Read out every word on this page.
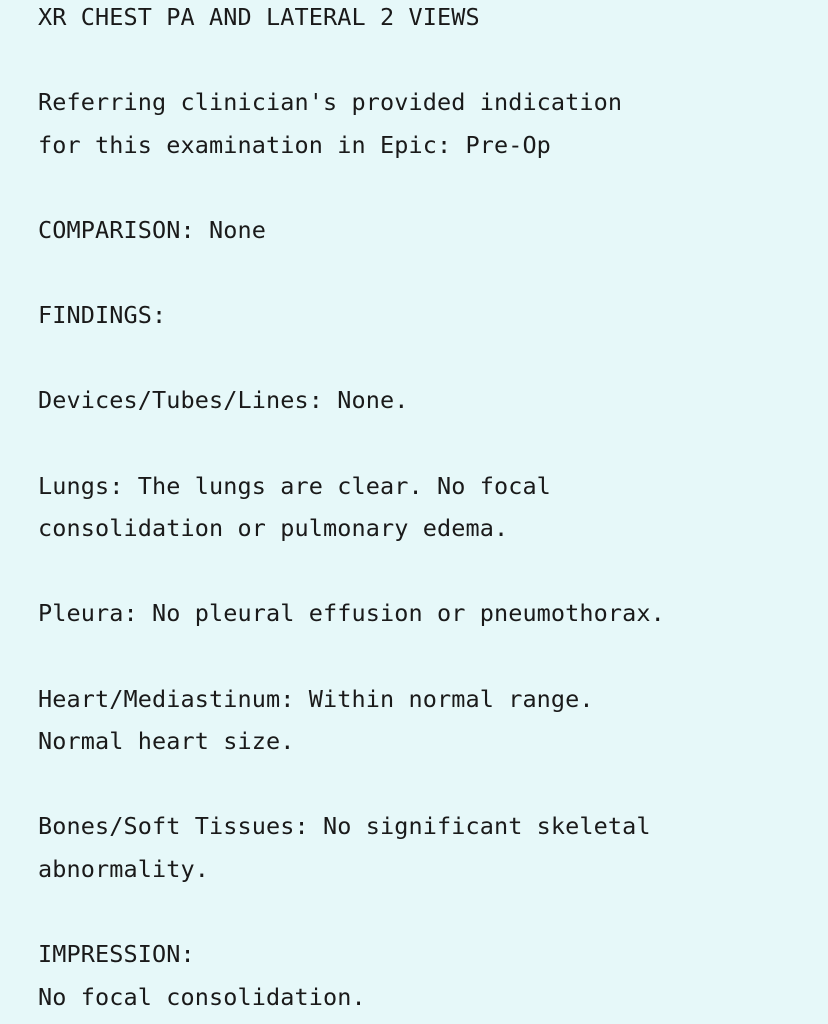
XR CHEST PA AND LATERAL 2 VIEWS
Referring clinician's provided indication
for this examination in Epic: Pre-Op
COMPARISON: None
FINDINGS:
Devices/Tubes/Lines: None.
Lungs: The lungs are clear. No focal
consolidation or pulmonary edema.
Pleura: No pleural effusion or pneumothorax.
Heart/Mediastinum: Within normal range.
Normal heart size.
Bones/Soft Tissues: No significant skeletal
abnormality.
IMPRESSION:
No focal consolidation.
